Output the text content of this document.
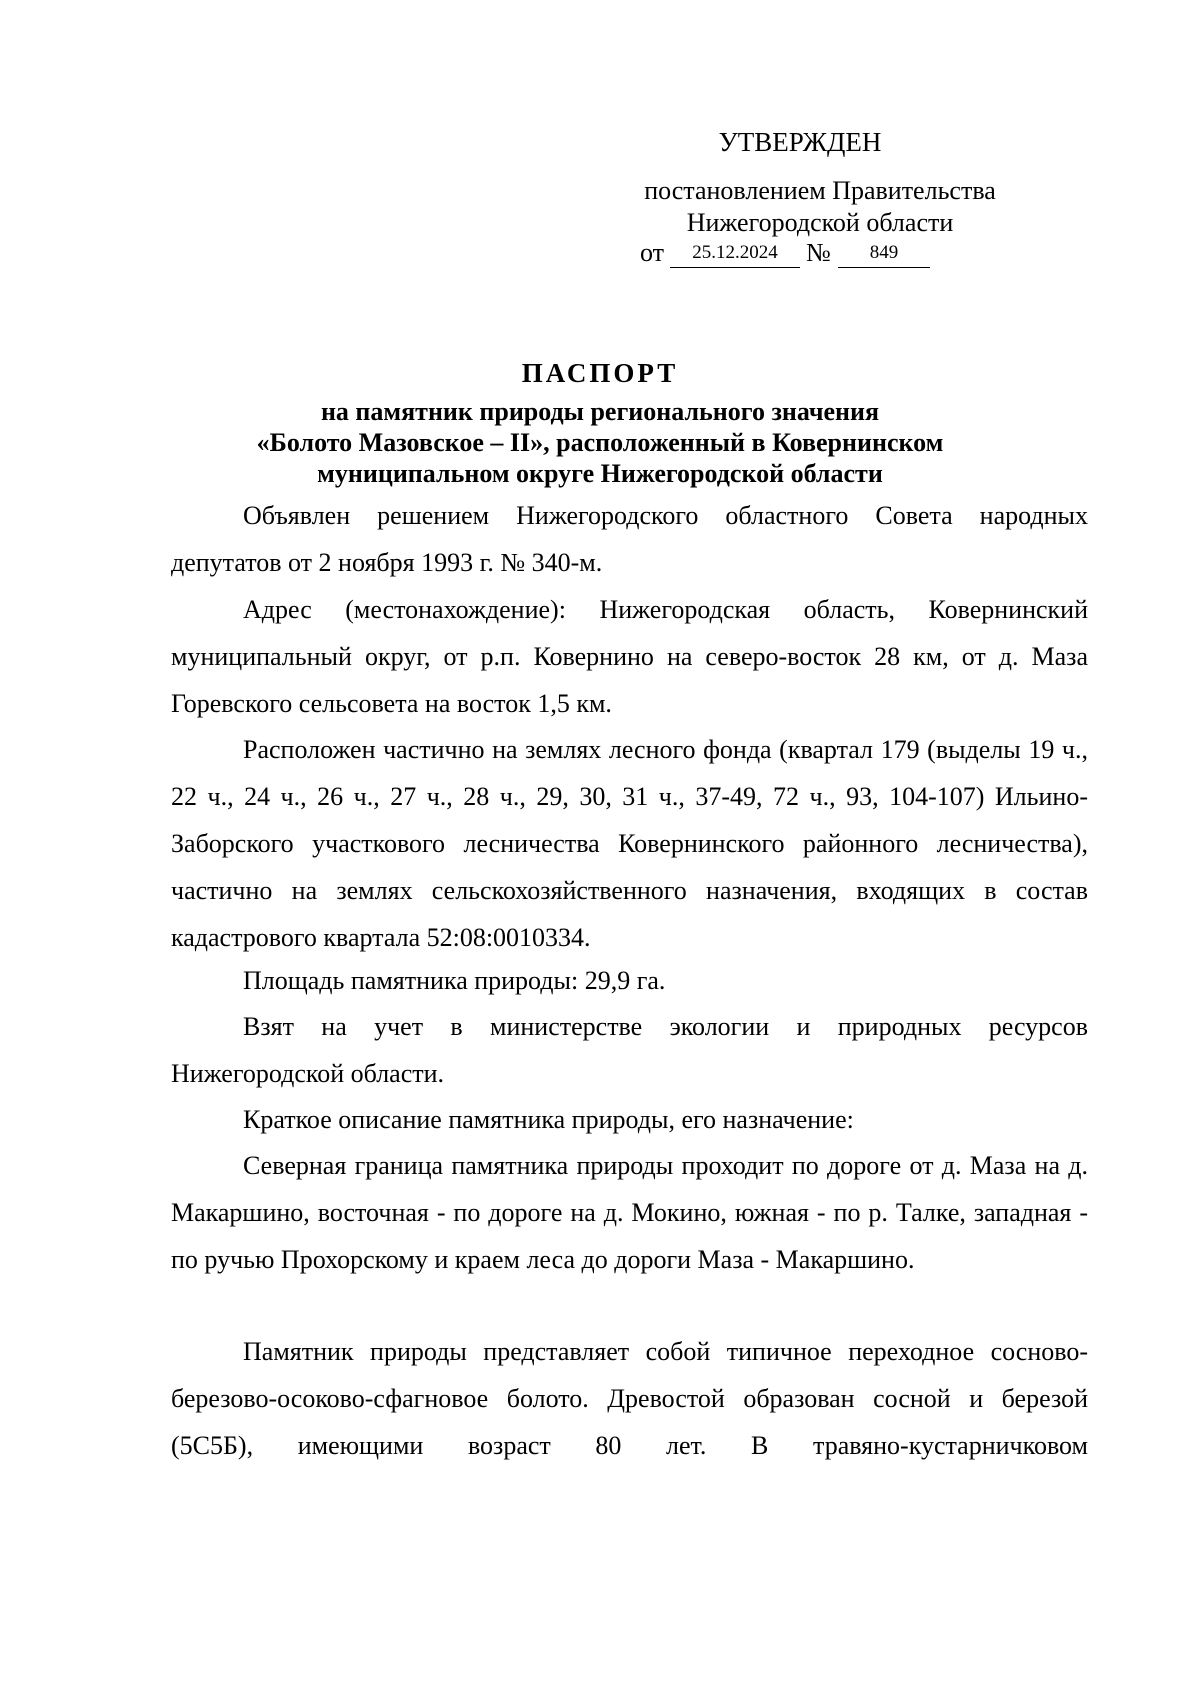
УТВЕРЖДЕН
постановлением Правительства
Нижегородской области
от	25.12.2024	№	849
ПАСПОРТ
на памятник природы регионального значения
«Болото Мазовское – II», расположенный в Ковернинском
муниципальном округе Нижегородской области

Объявлен решением Нижегородского областного Совета народных депутатов от 2 ноября 1993 г. № 340-м.

Адрес (местонахождение): Нижегородская область, Ковернинский муниципальный округ, от р.п. Ковернино на северо-восток 28 км, от д. Маза Горевского сельсовета на восток 1,5 км.

Расположен частично на землях лесного фонда (квартал 179 (выделы 19 ч., 22 ч., 24 ч., 26 ч., 27 ч., 28 ч., 29, 30, 31 ч., 37-49, 72 ч., 93, 104-107) Ильино-Заборского участкового лесничества Ковернинского районного лесничества), частично на землях сельскохозяйственного назначения, входящих в состав кадастрового квартала 52:08:0010334.

Площадь памятника природы: 29,9 га.

Взят на учет в министерстве экологии и природных ресурсов Нижегородской области.

Краткое описание памятника природы, его назначение:

Северная граница памятника природы проходит по дороге от д. Маза на д. Макаршино, восточная - по дороге на д. Мокино, южная - по р. Талке, западная - по ручью Прохорскому и краем леса до дороги Маза - Макаршино.

Памятник природы представляет собой типичное переходное сосново-березово-осоково-сфагновое болото. Древостой образован сосной и березой (5С5Б), имеющими возраст 80 лет. В травяно-кустарничковом
